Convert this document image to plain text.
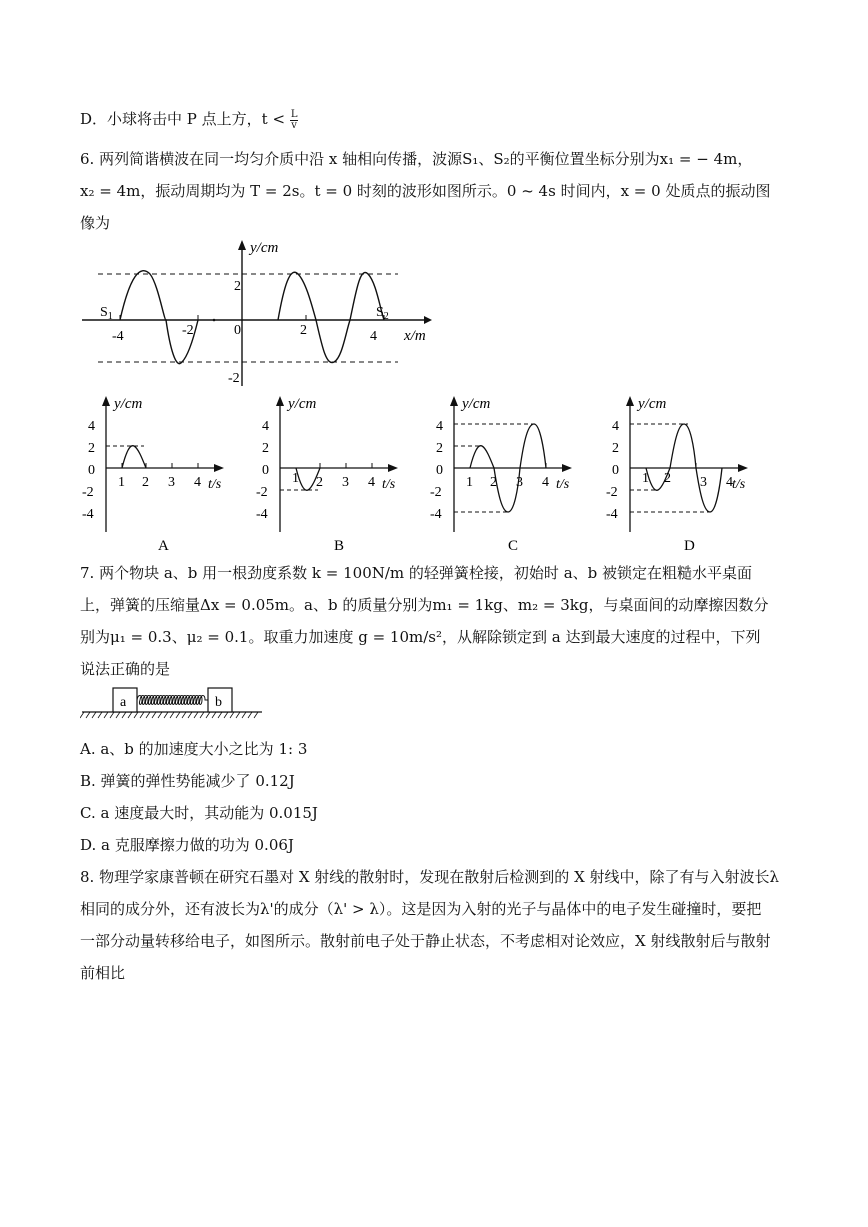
D．小球将击中 P 点上方，$t < \frac{L}{v}$
6. 两列简谐横波在同一均匀介质中沿 x 轴相向传播，波源S₁、S₂的平衡位置坐标分别为x₁ = − 4m，
x₂ = 4m，振动周期均为 T = 2s。t = 0 时刻的波形如图所示。0 ~ 4s 时间内，x = 0 处质点的振动图
像为
y/cm
x/m
-4	-2	0	2	4
2
-2
$S_1$	$S_2$
y/cm
t/s
4
2
0
-2
-4
1 2 3 4
A
y/cm
t/s
4
2
0
-2
-4
1 2 3 4
B
y/cm
t/s
4
2
0
-2
-4
1 2 3 4
C
y/cm
t/s
4
2
0
-2
-4
1 2 3 4
D
7. 两个物块 a、b 用一根劲度系数 k = 100N/m 的轻弹簧栓接，初始时 a、b 被锁定在粗糙水平桌面
上，弹簧的压缩量Δx = 0.05m。a、b 的质量分别为m₁ = 1kg、m₂ = 3kg，与桌面间的动摩擦因数分
别为μ₁ = 0.3、μ₂ = 0.1。取重力加速度 g = 10m/s²，从解除锁定到 a 达到最大速度的过程中，下列
说法正确的是
a	b
A. a、b 的加速度大小之比为 1: 3
B. 弹簧的弹性势能减少了 0.12J
C. a 速度最大时，其动能为 0.015J
D. a 克服摩擦力做的功为 0.06J
8. 物理学家康普顿在研究石墨对 X 射线的散射时，发现在散射后检测到的 X 射线中，除了有与入射波长λ
相同的成分外，还有波长为λ'的成分（λ' > λ）。这是因为入射的光子与晶体中的电子发生碰撞时，要把
一部分动量转移给电子，如图所示。散射前电子处于静止状态，不考虑相对论效应，X 射线散射后与散射
前相比
